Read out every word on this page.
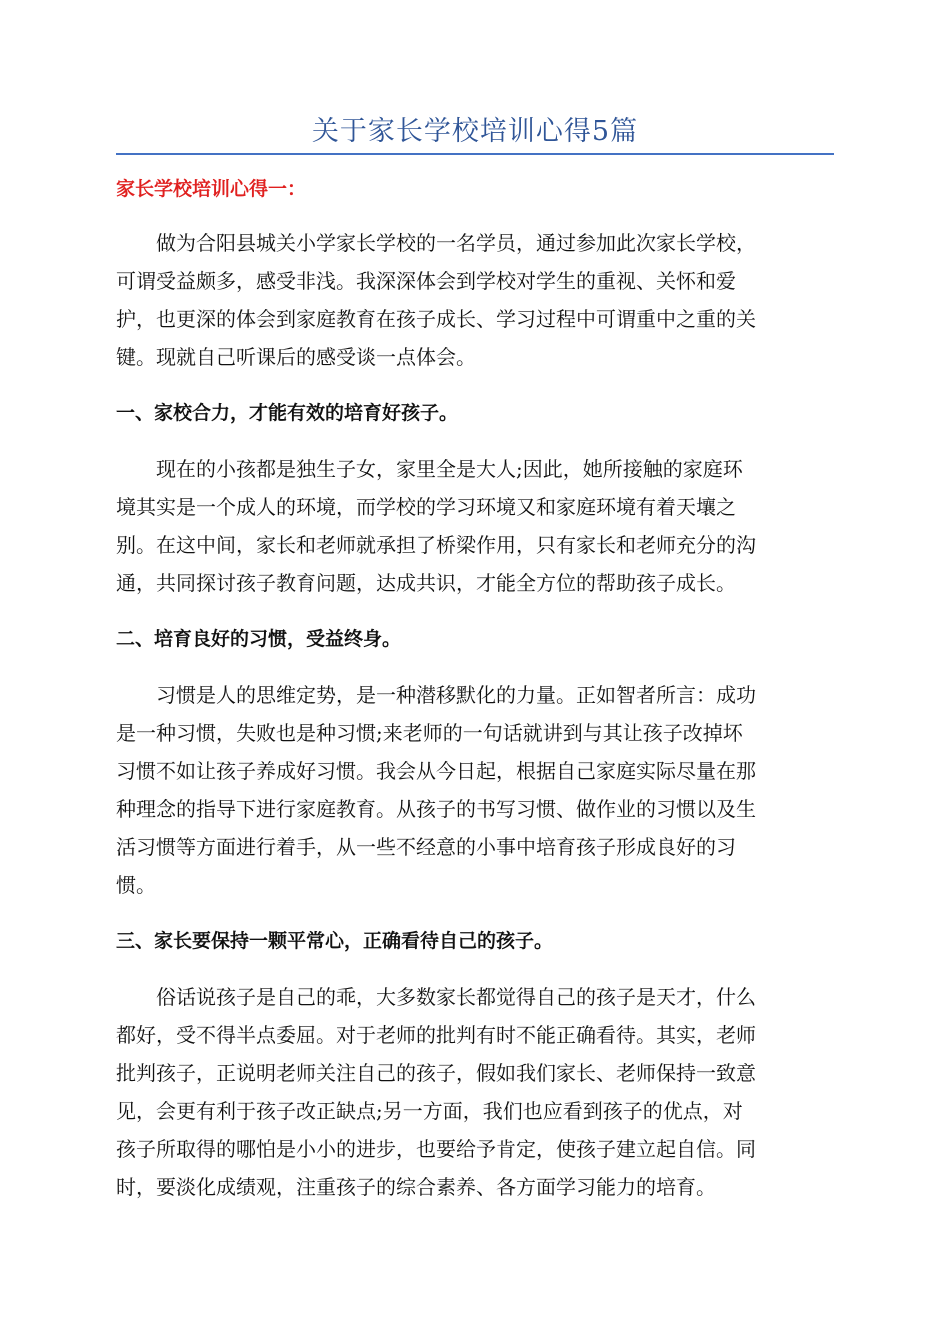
关于家长学校培训心得5篇
家长学校培训心得一：
做为合阳县城关小学家长学校的一名学员，通过参加此次家长学校，
可谓受益颇多，感受非浅。我深深体会到学校对学生的重视、关怀和爱
护，也更深的体会到家庭教育在孩子成长、学习过程中可谓重中之重的关
键。现就自己听课后的感受谈一点体会。
一、家校合力，才能有效的培育好孩子。
现在的小孩都是独生子女，家里全是大人;因此，她所接触的家庭环
境其实是一个成人的环境，而学校的学习环境又和家庭环境有着天壤之
别。在这中间，家长和老师就承担了桥梁作用，只有家长和老师充分的沟
通，共同探讨孩子教育问题，达成共识，才能全方位的帮助孩子成长。
二、培育良好的习惯，受益终身。
习惯是人的思维定势，是一种潜移默化的力量。正如智者所言：成功
是一种习惯，失败也是种习惯;来老师的一句话就讲到与其让孩子改掉坏
习惯不如让孩子养成好习惯。我会从今日起，根据自己家庭实际尽量在那
种理念的指导下进行家庭教育。从孩子的书写习惯、做作业的习惯以及生
活习惯等方面进行着手，从一些不经意的小事中培育孩子形成良好的习
惯。
三、家长要保持一颗平常心，正确看待自己的孩子。
俗话说孩子是自己的乖，大多数家长都觉得自己的孩子是天才，什么
都好，受不得半点委屈。对于老师的批判有时不能正确看待。其实，老师
批判孩子，正说明老师关注自己的孩子，假如我们家长、老师保持一致意
见，会更有利于孩子改正缺点;另一方面，我们也应看到孩子的优点，对
孩子所取得的哪怕是小小的进步，也要给予肯定，使孩子建立起自信。同
时，要淡化成绩观，注重孩子的综合素养、各方面学习能力的培育。
